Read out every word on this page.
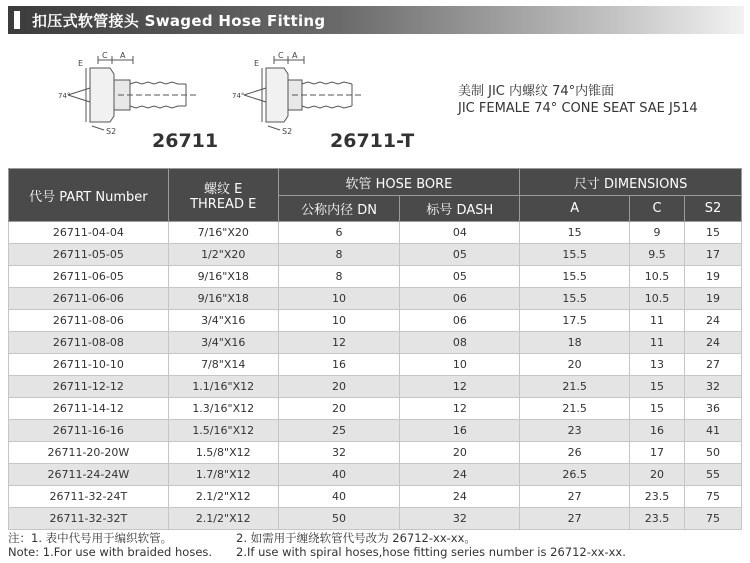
扣压式软管接头 Swaged Hose Fitting
C A
E
74°
S2 26711
C A
E
74°
S2 26711-T
美制 JIC 内螺纹 74°内锥面
JIC FEMALE 74° CONE SEAT SAE J514
代号 PART Number	螺纹 E
THREAD E	软管 HOSE BORE		尺寸 DIMENSIONS		
		公称内径 DN	标号 DASH	A	C	S2
26711-04-04	7/16"X20	6	04	15	9	15
26711-05-05	1/2"X20	8	05	15.5	9.5	17
26711-06-05	9/16"X18	8	05	15.5	10.5	19
26711-06-06	9/16"X18	10	06	15.5	10.5	19
26711-08-06	3/4"X16	10	06	17.5	11	24
26711-08-08	3/4"X16	12	08	18	11	24
26711-10-10	7/8"X14	16	10	20	13	27
26711-12-12	1.1/16"X12	20	12	21.5	15	32
26711-14-12	1.3/16"X12	20	12	21.5	15	36
26711-16-16	1.5/16"X12	25	16	23	16	41
26711-20-20W	1.5/8"X12	32	20	26	17	50
26711-24-24W	1.7/8"X12	40	24	26.5	20	55
26711-32-24T	2.1/2"X12	40	24	27	23.5	75
26711-32-32T	2.1/2"X12	50	32	27	23.5	75
注：1. 表中代号用于编织软管。	2. 如需用于缠绕软管代号改为 26712-xx-xx。
Note: 1.For use with braided hoses. 2.If use with spiral hoses,hose fitting series number is 26712-xx-xx.
